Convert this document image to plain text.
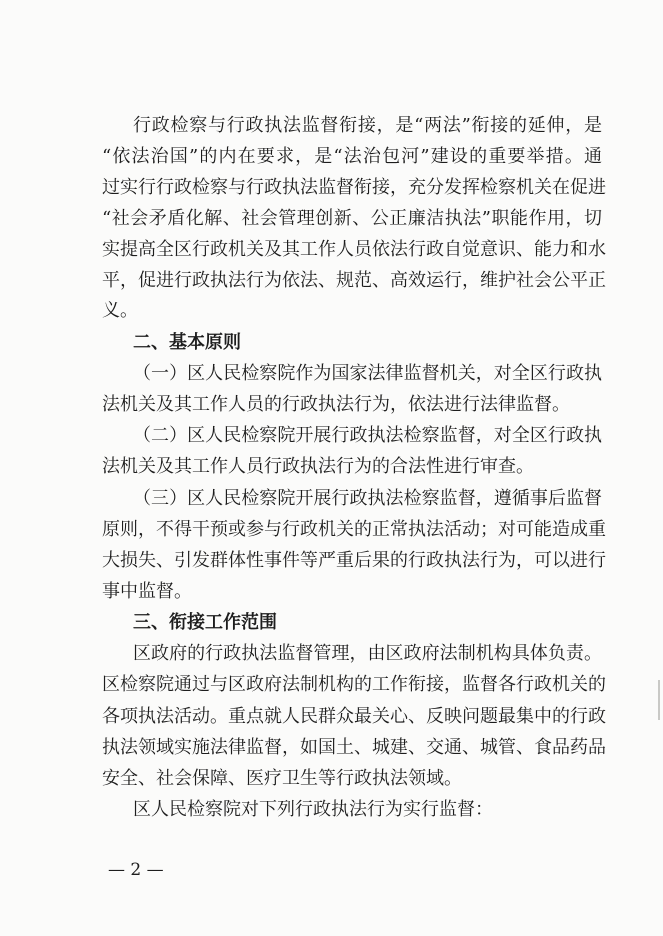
行政检察与行政执法监督衔接，是“两法”衔接的延伸，是
“依法治国”的内在要求，是“法治包河”建设的重要举措。通
过实行行政检察与行政执法监督衔接，充分发挥检察机关在促进
“社会矛盾化解、社会管理创新、公正廉洁执法”职能作用，切
实提高全区行政机关及其工作人员依法行政自觉意识、能力和水
平，促进行政执法行为依法、规范、高效运行，维护社会公平正
义。
二、基本原则
（一）区人民检察院作为国家法律监督机关，对全区行政执
法机关及其工作人员的行政执法行为，依法进行法律监督。
（二）区人民检察院开展行政执法检察监督，对全区行政执
法机关及其工作人员行政执法行为的合法性进行审查。
（三）区人民检察院开展行政执法检察监督，遵循事后监督
原则，不得干预或参与行政机关的正常执法活动；对可能造成重
大损失、引发群体性事件等严重后果的行政执法行为，可以进行
事中监督。
三、衔接工作范围
区政府的行政执法监督管理，由区政府法制机构具体负责。
区检察院通过与区政府法制机构的工作衔接，监督各行政机关的
各项执法活动。重点就人民群众最关心、反映问题最集中的行政
执法领域实施法律监督，如国土、城建、交通、城管、食品药品
安全、社会保障、医疗卫生等行政执法领域。
区人民检察院对下列行政执法行为实行监督：
— 2 —
